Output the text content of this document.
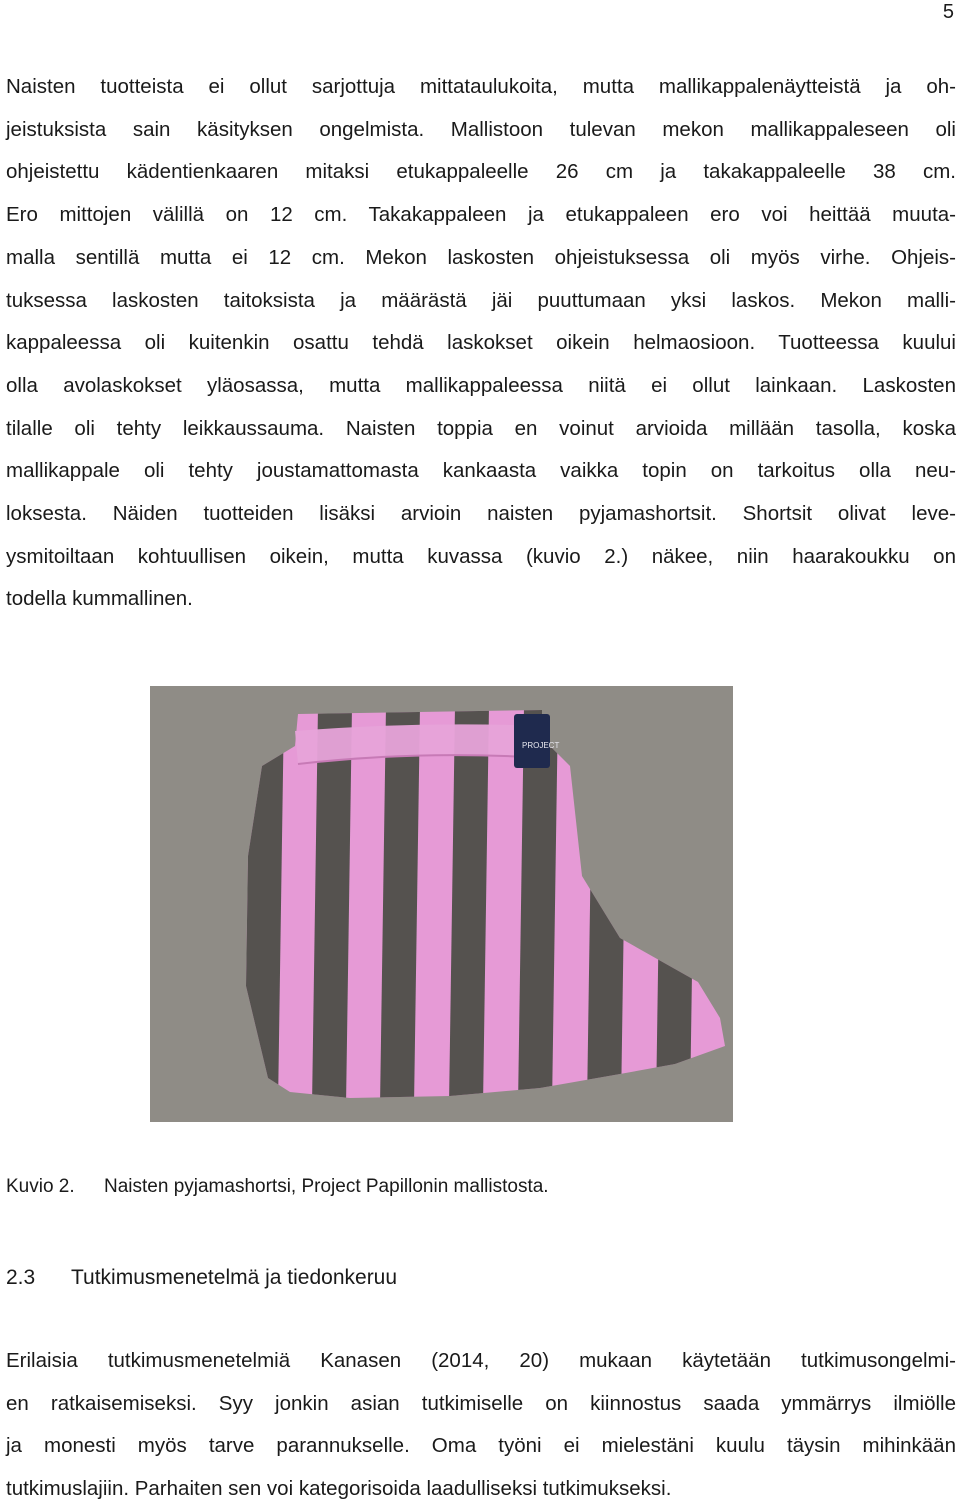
5
Naisten tuotteista ei ollut sarjottuja mittataulukoita, mutta mallikappalenäytteistä ja oh-
jeistuksista sain käsityksen ongelmista. Mallistoon tulevan mekon mallikappaleseen oli
ohjeistettu kädentienkaaren mitaksi etukappaleelle 26 cm ja takakappaleelle 38 cm.
Ero mittojen välillä on 12 cm. Takakappaleen ja etukappaleen ero voi heittää muuta-
malla sentillä mutta ei 12 cm. Mekon laskosten ohjeistuksessa oli myös virhe. Ohjeis-
tuksessa laskosten taitoksista ja määrästä jäi puuttumaan yksi laskos. Mekon malli-
kappaleessa oli kuitenkin osattu tehdä laskokset oikein helmaosioon. Tuotteessa kuului
olla avolaskokset yläosassa, mutta mallikappaleessa niitä ei ollut lainkaan. Laskosten
tilalle oli tehty leikkaussauma. Naisten toppia en voinut arvioida millään tasolla, koska
mallikappale oli tehty joustamattomasta kankaasta vaikka topin on tarkoitus olla neu-
loksesta. Näiden tuotteiden lisäksi arvioin naisten pyjamashortsit. Shortsit olivat leve-
ysmitoiltaan kohtuullisen oikein, mutta kuvassa (kuvio 2.) näkee, niin haarakoukku on
todella kummallinen.
PROJECT
Kuvio 2. Naisten pyjamashortsi, Project Papillonin mallistosta.
2.3 Tutkimusmenetelmä ja tiedonkeruu
Erilaisia tutkimusmenetelmiä Kanasen (2014, 20) mukaan käytetään tutkimusongelmi-
en ratkaisemiseksi. Syy jonkin asian tutkimiselle on kiinnostus saada ymmärrys ilmiölle
ja monesti myös tarve parannukselle. Oma työni ei mielestäni kuulu täysin mihinkään
tutkimuslajiin. Parhaiten sen voi kategorisoida laadulliseksi tutkimukseksi.
